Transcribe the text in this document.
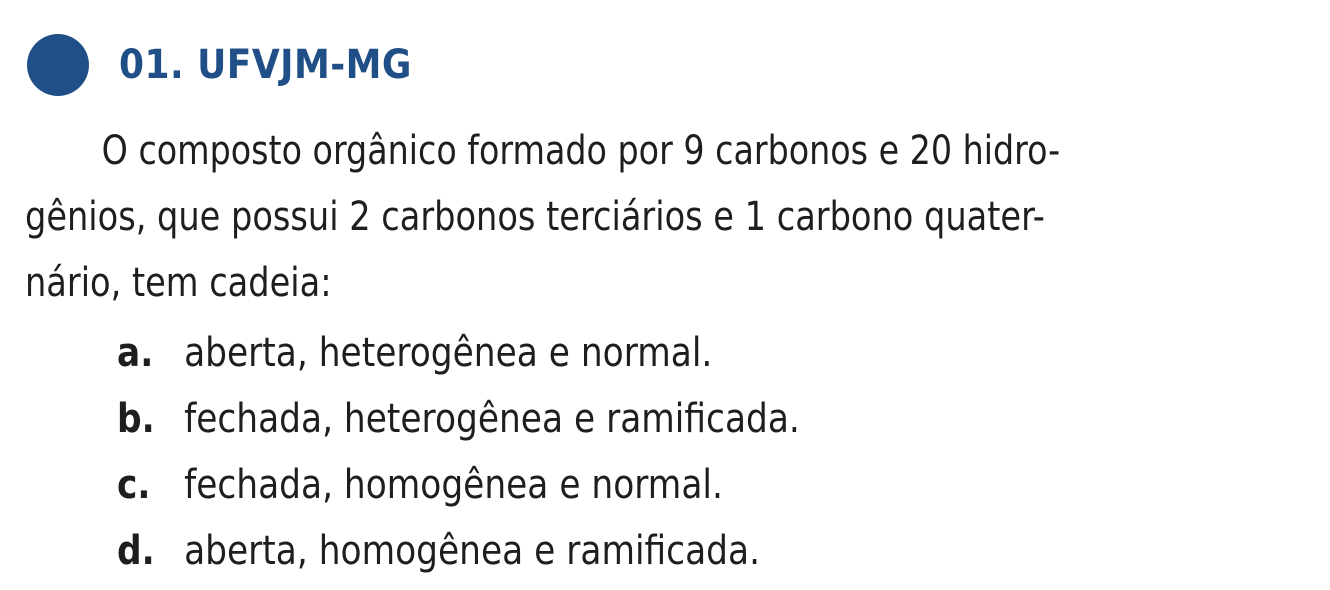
01. UFVJM-MG
O composto orgânico formado por 9 carbonos e 20 hidro-
gênios, que possui 2 carbonos terciários e 1 carbono quater-
nário, tem cadeia:
a. aberta, heterogênea e normal.
b. fechada, heterogênea e ramificada.
c. fechada, homogênea e normal.
d. aberta, homogênea e ramificada.
